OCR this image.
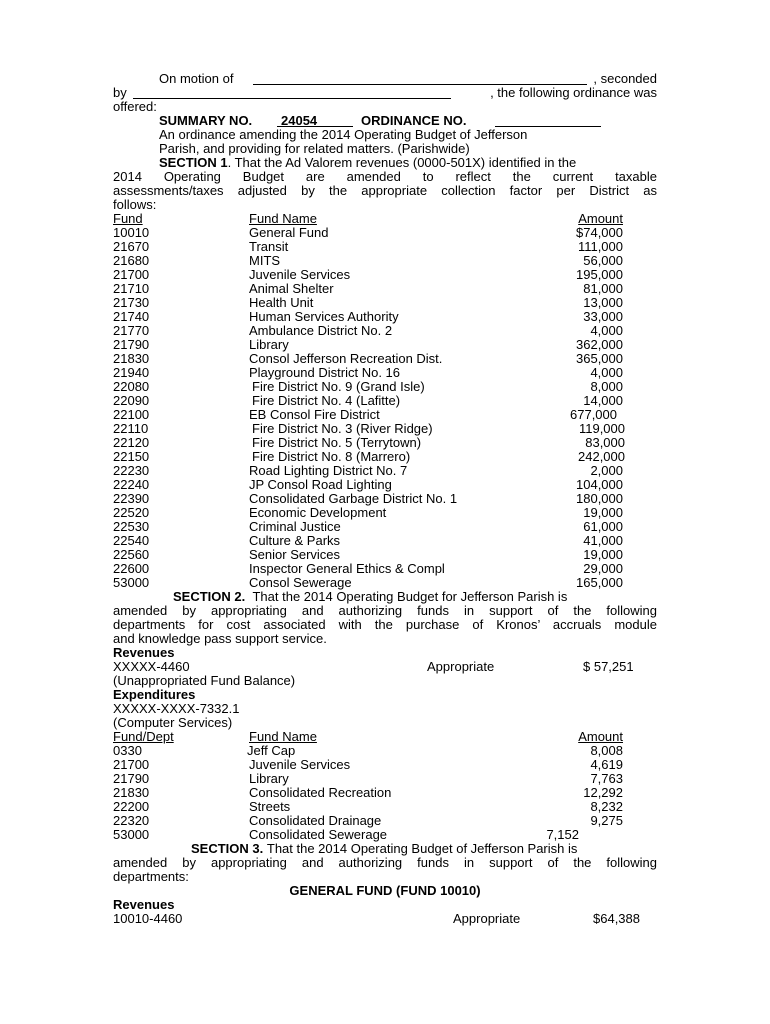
On motion of	, seconded
by	, the following ordinance was
offered:
SUMMARY NO.	24054	ORDINANCE NO.
An ordinance amending the 2014 Operating Budget of Jefferson
Parish, and providing for related matters. (Parishwide)
SECTION 1. That the Ad Valorem revenues (0000-501X) identified in the
2014 Operating Budget are amended to reflect the current taxable
assessments/taxes adjusted by the appropriate collection factor per District as
follows:
Fund	Fund Name	Amount
10010	General Fund	$74,000
21670	Transit	111,000
21680	MITS	56,000
21700	Juvenile Services	195,000
21710	Animal Shelter	81,000
21730	Health Unit	13,000
21740	Human Services Authority	33,000
21770	Ambulance District No. 2	4,000
21790	Library	362,000
21830	Consol Jefferson Recreation Dist.	365,000
21940	Playground District No. 16	4,000
22080	Fire District No. 9 (Grand Isle)	8,000
22090	Fire District No. 4 (Lafitte)	14,000
22100	EB Consol Fire District	677,000
22110	Fire District No. 3 (River Ridge)	119,000
22120	Fire District No. 5 (Terrytown)	83,000
22150	Fire District No. 8 (Marrero)	242,000
22230	Road Lighting District No. 7	2,000
22240	JP Consol Road Lighting	104,000
22390	Consolidated Garbage District No. 1	180,000
22520	Economic Development	19,000
22530	Criminal Justice	61,000
22540	Culture & Parks	41,000
22560	Senior Services	19,000
22600	Inspector General Ethics & Compl	29,000
53000	Consol Sewerage	165,000
SECTION 2. That the 2014 Operating Budget for Jefferson Parish is
amended by appropriating and authorizing funds in support of the following
departments for cost associated with the purchase of Kronos’ accruals module
and knowledge pass support service.
Revenues
XXXXX-4460	Appropriate	$ 57,251
(Unappropriated Fund Balance)
Expenditures
XXXXX-XXXX-7332.1
(Computer Services)
Fund/Dept	Fund Name	Amount
0330	Jeff Cap	8,008
21700	Juvenile Services	4,619
21790	Library	7,763
21830	Consolidated Recreation	12,292
22200	Streets	8,232
22320	Consolidated Drainage	9,275
53000	Consolidated Sewerage	7,152
SECTION 3. That the 2014 Operating Budget of Jefferson Parish is
amended by appropriating and authorizing funds in support of the following
departments:
GENERAL FUND (FUND 10010)
Revenues
10010-4460	Appropriate	$64,388
